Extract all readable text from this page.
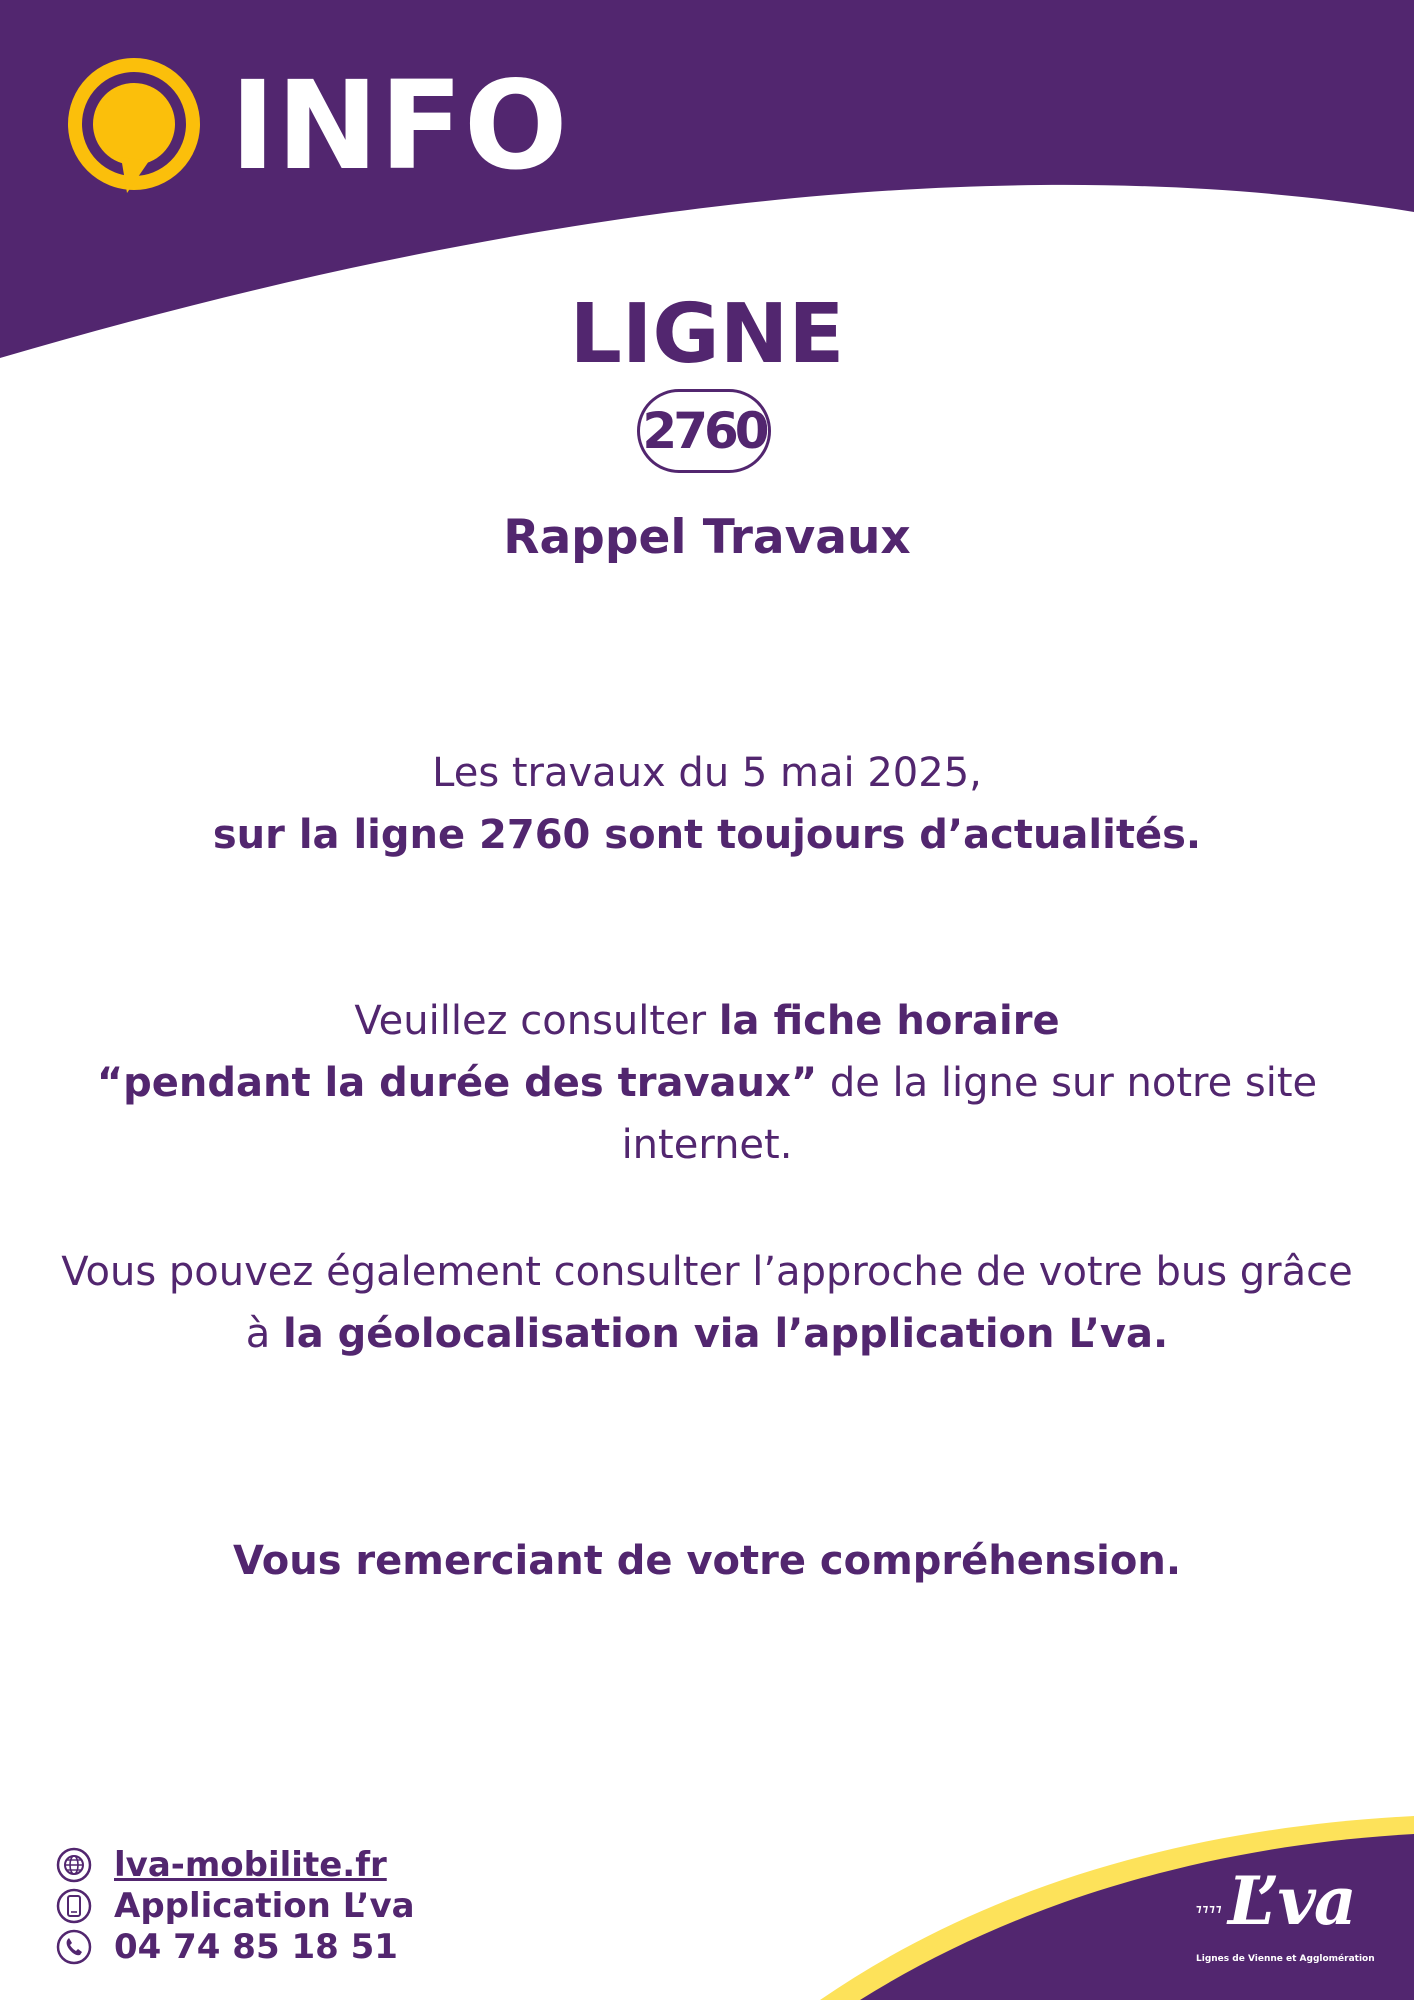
INFO
LIGNE
2760
Rappel Travaux

Les travaux du 5 mai 2025,
sur la ligne 2760 sont toujours d’actualités.

Veuillez consulter la fiche horaire
“pendant la durée des travaux” de la ligne sur notre site internet.

Vous pouvez également consulter l’approche de votre bus grâce à la géolocalisation via l’application L’va.

Vous remerciant de votre compréhension.

lva-mobilite.fr
Application L’va
04 74 85 18 51
⁊⁊⁊⁊ L’va
Lignes de Vienne et Agglomération
